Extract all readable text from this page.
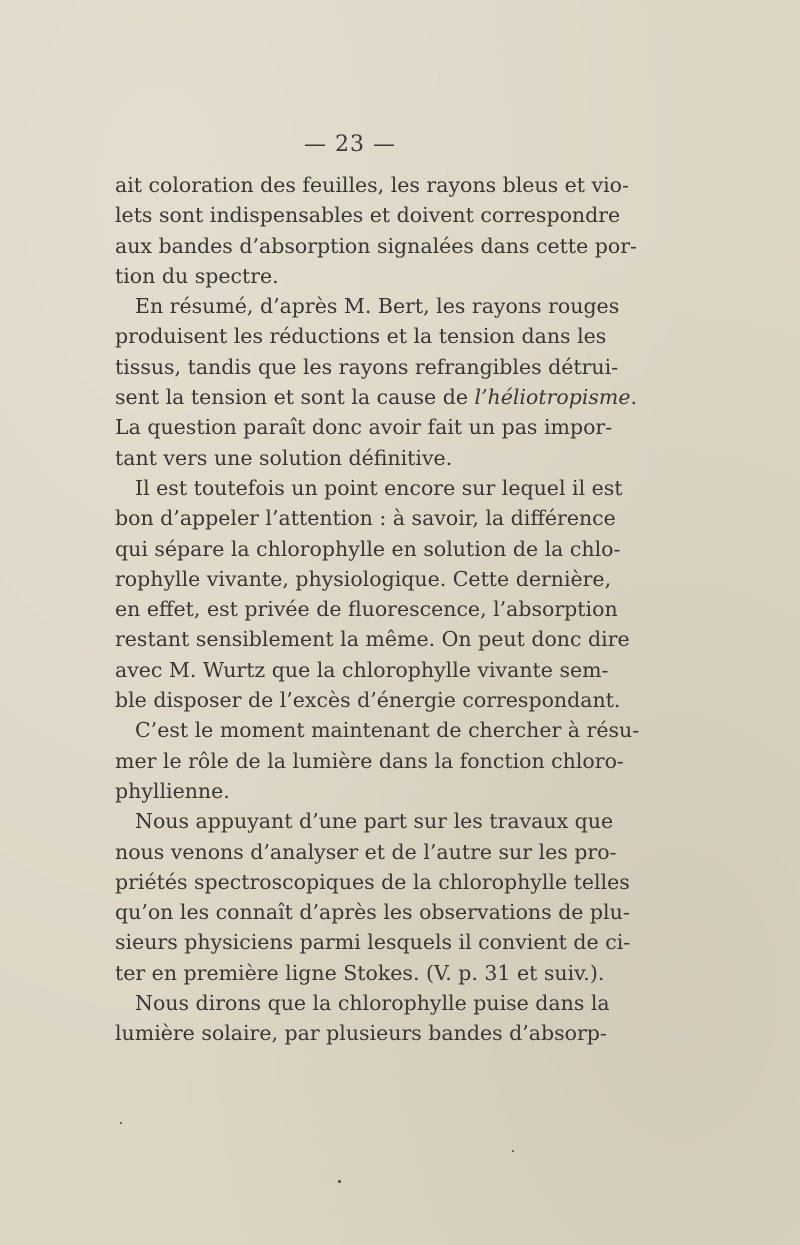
— 23 —
ait coloration des feuilles, les rayons bleus et vio-
lets sont indispensables et doivent correspondre
aux bandes d’absorption signalées dans cette por-
tion du spectre.
En résumé, d’après M. Bert, les rayons rouges
produisent les réductions et la tension dans les
tissus, tandis que les rayons refrangibles détrui-
sent la tension et sont la cause de l’héliotropisme.
La question paraît donc avoir fait un pas impor-
tant vers une solution définitive.
Il est toutefois un point encore sur lequel il est
bon d’appeler l’attention : à savoir, la différence
qui sépare la chlorophylle en solution de la chlo-
rophylle vivante, physiologique. Cette dernière,
en effet, est privée de fluorescence, l’absorption
restant sensiblement la même. On peut donc dire
avec M. Wurtz que la chlorophylle vivante sem-
ble disposer de l’excès d’énergie correspondant.
C’est le moment maintenant de chercher à résu-
mer le rôle de la lumière dans la fonction chloro-
phyllienne.
Nous appuyant d’une part sur les travaux que
nous venons d’analyser et de l’autre sur les pro-
priétés spectroscopiques de la chlorophylle telles
qu’on les connaît d’après les observations de plu-
sieurs physiciens parmi lesquels il convient de ci-
ter en première ligne Stokes. (V. p. 31 et suiv.).
Nous dirons que la chlorophylle puise dans la
lumière solaire, par plusieurs bandes d’absorp-
